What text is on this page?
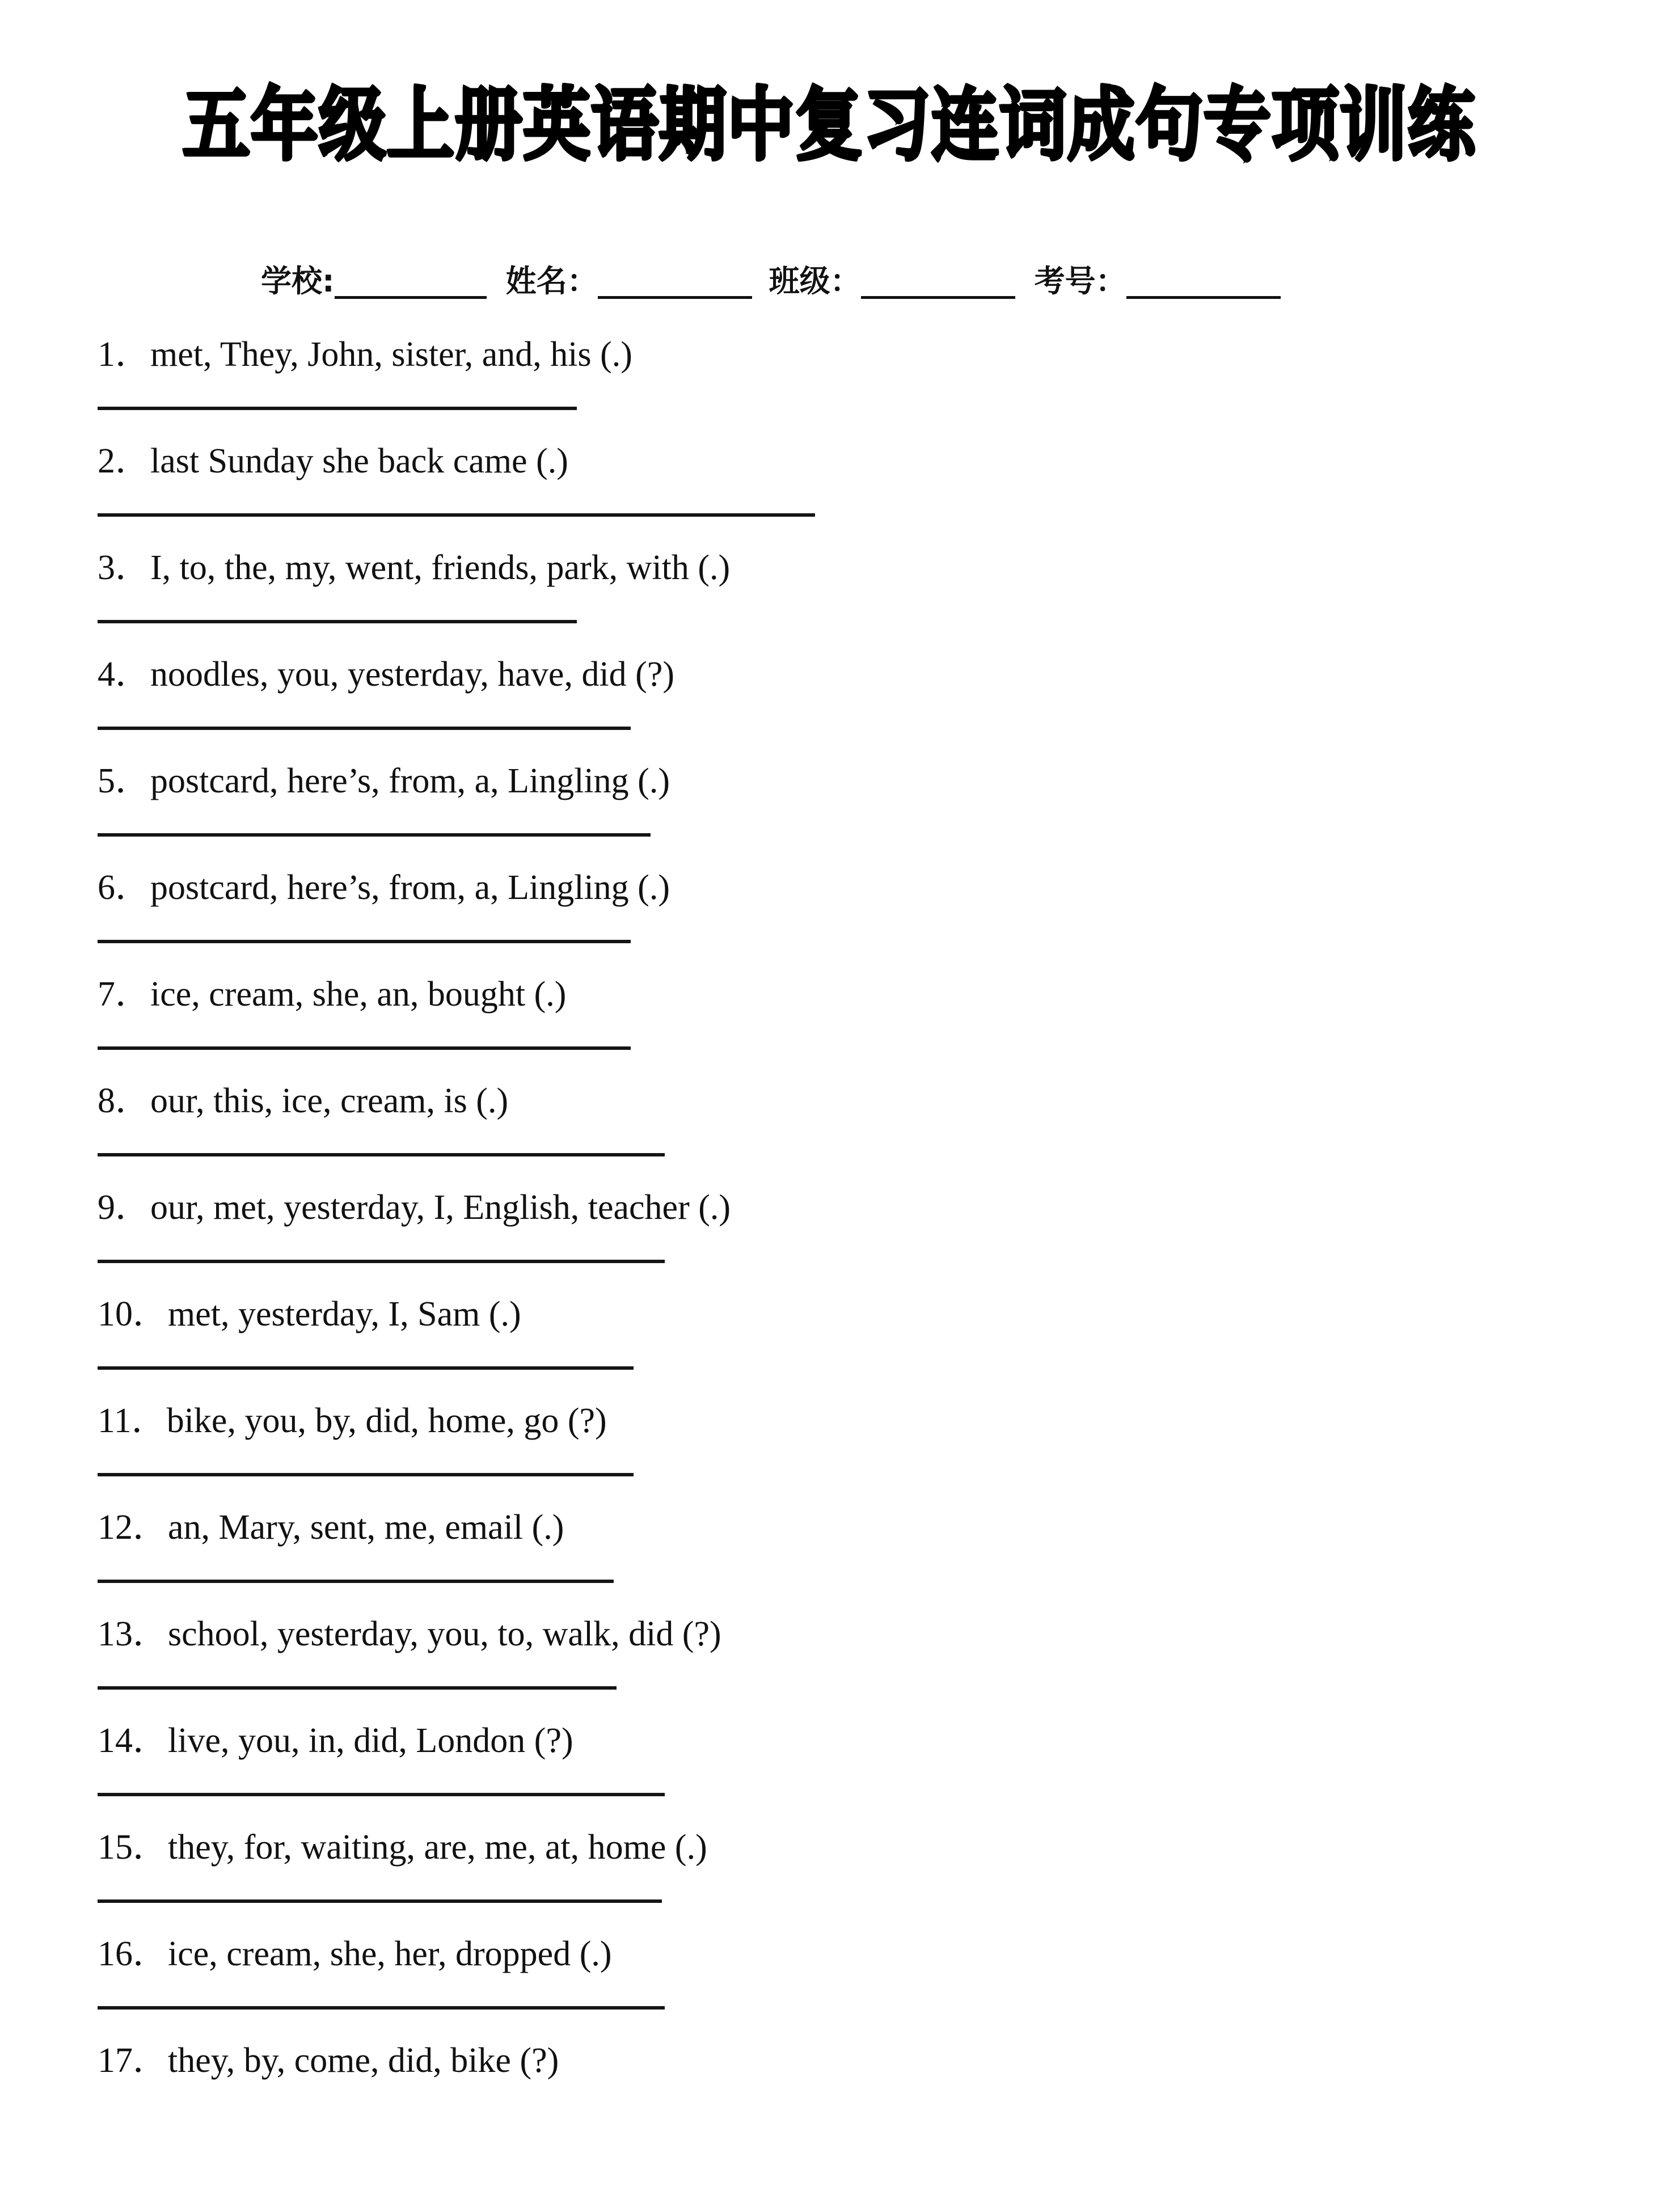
五年级上册英语期中复习连词成句专项训练
学校:	姓名：	班级：	考号：
1．met, They, John, sister, and, his (.)
2．last Sunday she back came (.)
3．I, to, the, my, went, friends, park, with (.)
4．noodles, you, yesterday, have, did (?)
5．postcard, here’s, from, a, Lingling (.)
6．postcard, here’s, from, a, Lingling (.)
7．ice, cream, she, an, bought (.)
8．our, this, ice, cream, is (.)
9．our, met, yesterday, I, English, teacher (.)
10．met, yesterday, I, Sam (.)
11．bike, you, by, did, home, go (?)
12．an, Mary, sent, me, email (.)
13．school, yesterday, you, to, walk, did (?)
14．live, you, in, did, London (?)
15．they, for, waiting, are, me, at, home (.)
16．ice, cream, she, her, dropped (.)
17．they, by, come, did, bike (?)
